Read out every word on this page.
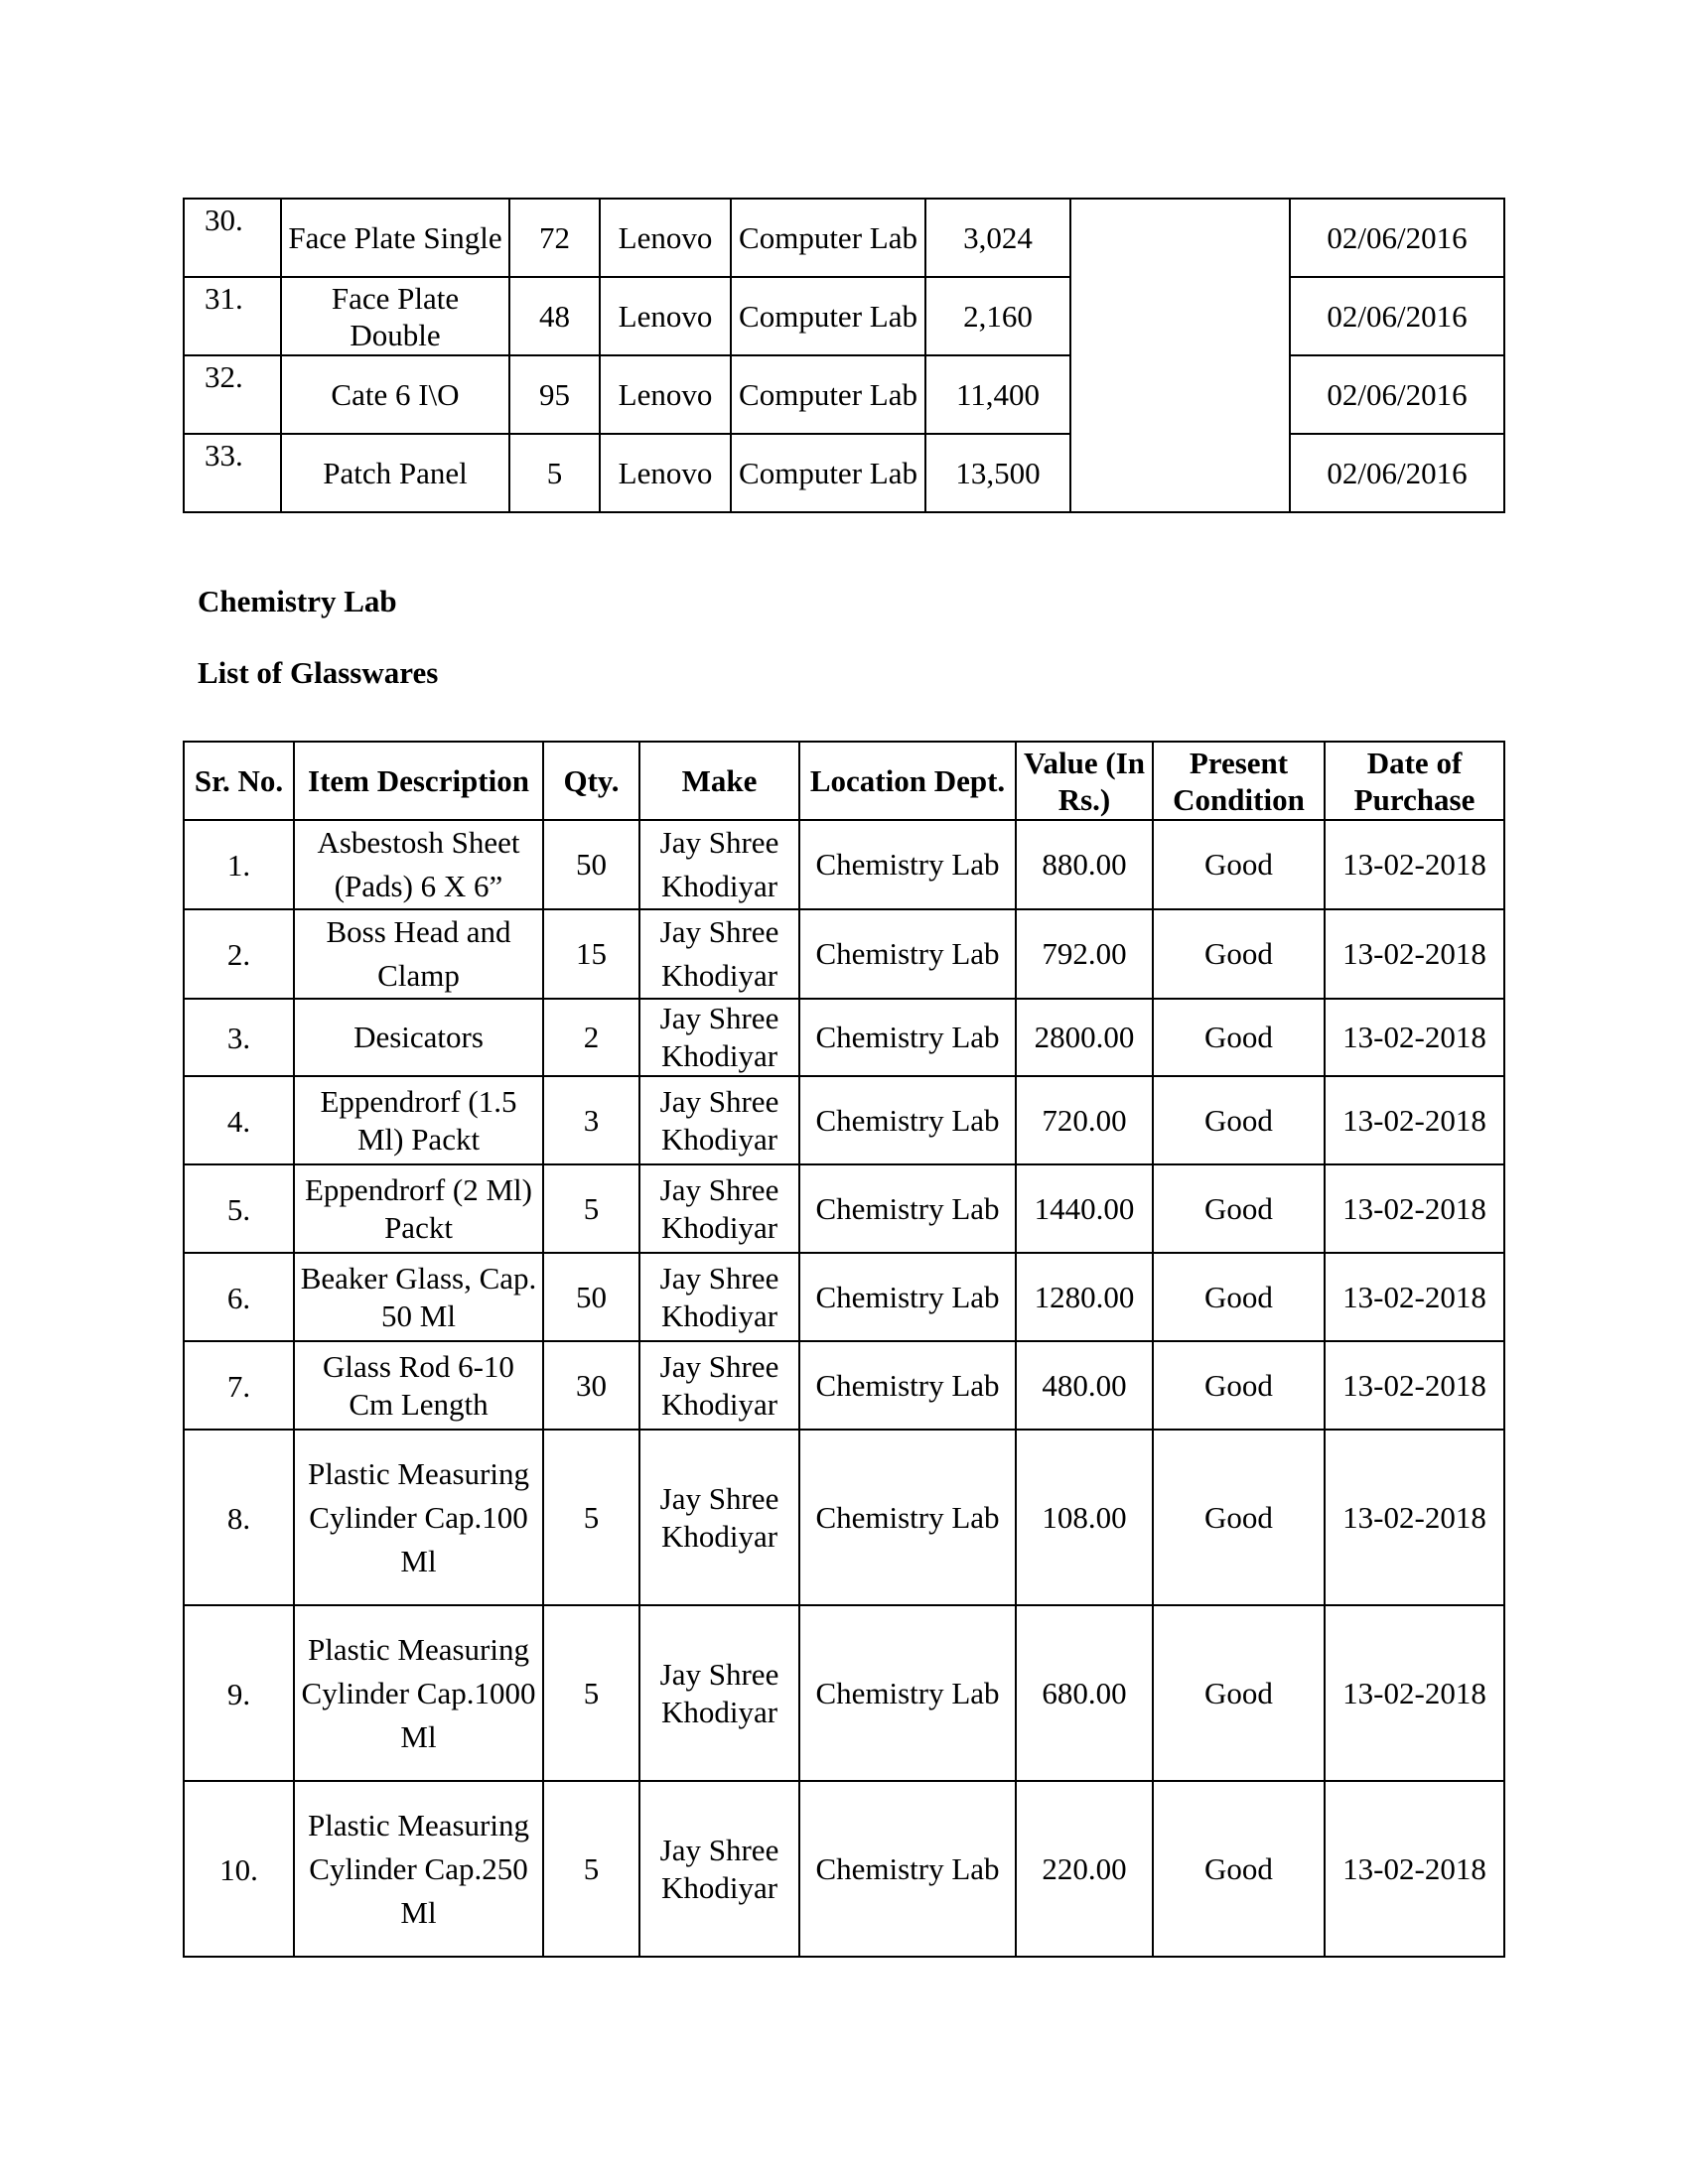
30.	Face Plate Single	72	Lenovo	Computer Lab	3,024		02/06/2016
31.	Face Plate Double	48	Lenovo	Computer Lab	2,160		02/06/2016
32.	Cate 6 I\O	95	Lenovo	Computer Lab	11,400		02/06/2016
33.	Patch Panel	5	Lenovo	Computer Lab	13,500		02/06/2016

Chemistry Lab

List of Glasswares

Sr. No.	Item Description	Qty.	Make	Location Dept.	Value (In Rs.)	Present Condition	Date of Purchase
1.	Asbestosh Sheet (Pads) 6 X 6”	50	Jay Shree Khodiyar	Chemistry Lab	880.00	Good	13-02-2018
2.	Boss Head and Clamp	15	Jay Shree Khodiyar	Chemistry Lab	792.00	Good	13-02-2018
3.	Desicators	2	Jay Shree Khodiyar	Chemistry Lab	2800.00	Good	13-02-2018
4.	Eppendrorf (1.5 Ml) Packt	3	Jay Shree Khodiyar	Chemistry Lab	720.00	Good	13-02-2018
5.	Eppendrorf (2 Ml) Packt	5	Jay Shree Khodiyar	Chemistry Lab	1440.00	Good	13-02-2018
6.	Beaker Glass, Cap. 50 Ml	50	Jay Shree Khodiyar	Chemistry Lab	1280.00	Good	13-02-2018
7.	Glass Rod 6-10 Cm Length	30	Jay Shree Khodiyar	Chemistry Lab	480.00	Good	13-02-2018
8.	Plastic Measuring Cylinder Cap.100 Ml	5	Jay Shree Khodiyar	Chemistry Lab	108.00	Good	13-02-2018
9.	Plastic Measuring Cylinder Cap.1000 Ml	5	Jay Shree Khodiyar	Chemistry Lab	680.00	Good	13-02-2018
10.	Plastic Measuring Cylinder Cap.250 Ml	5	Jay Shree Khodiyar	Chemistry Lab	220.00	Good	13-02-2018
